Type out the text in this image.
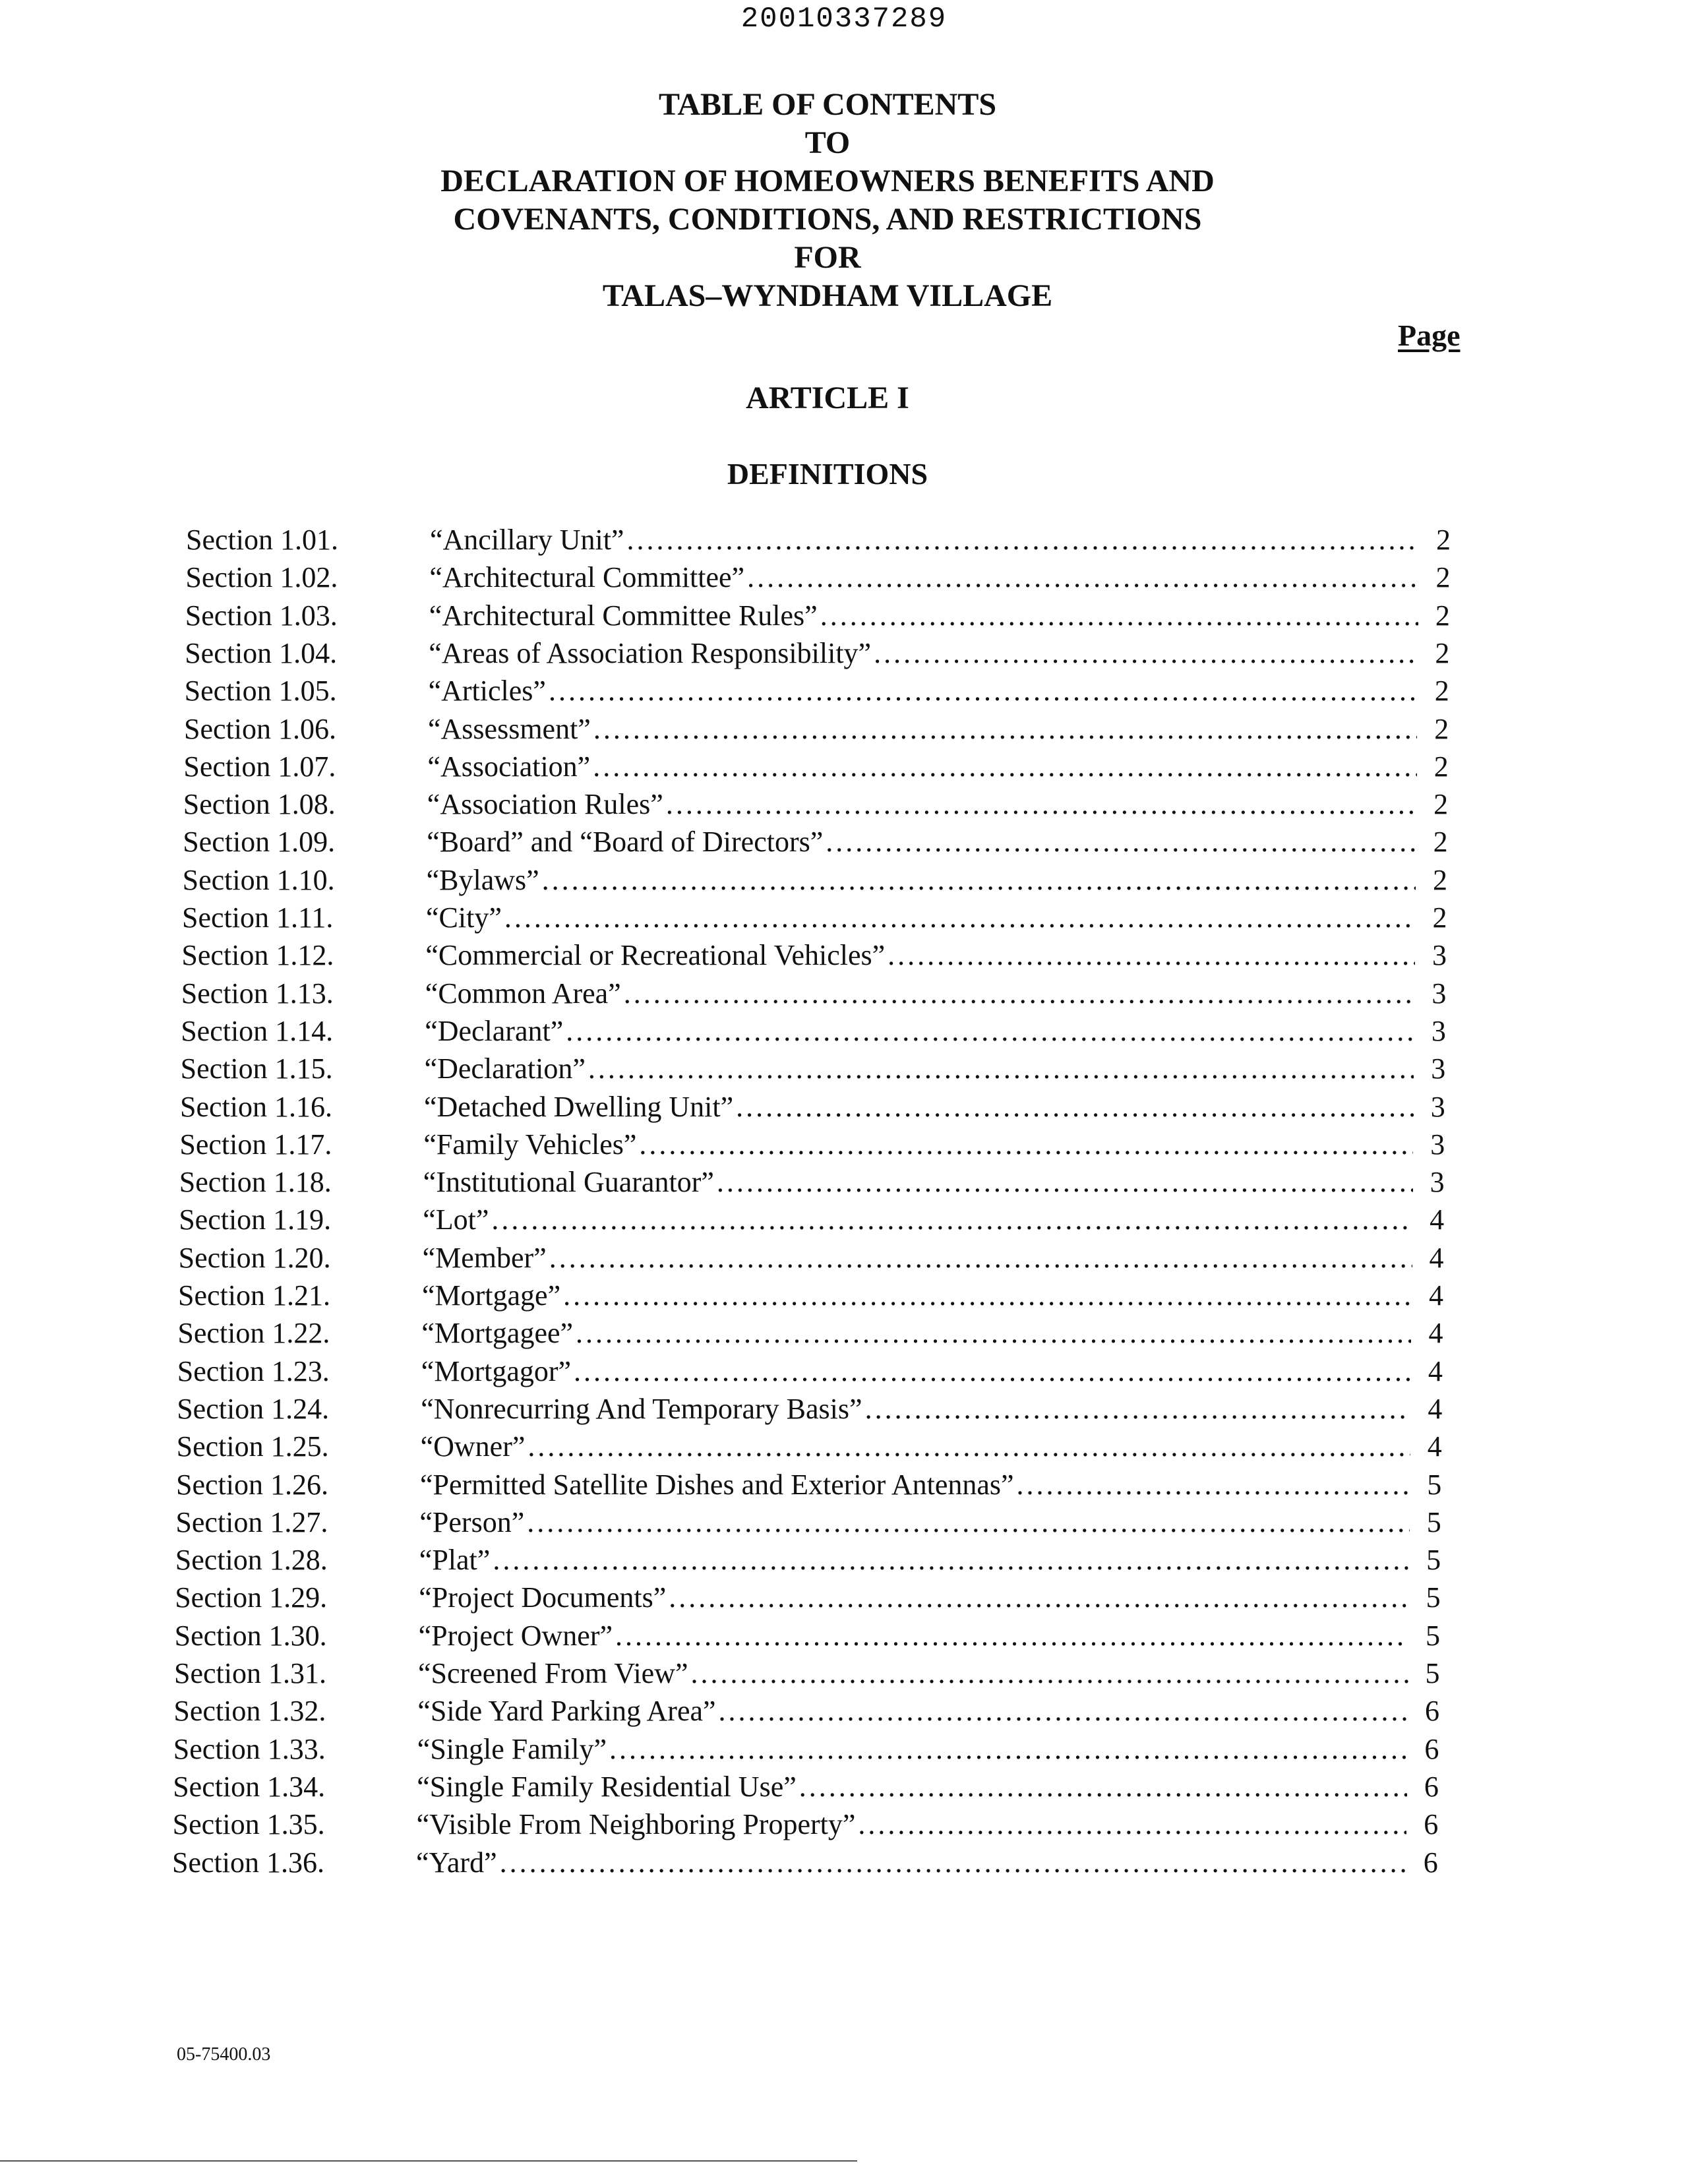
20010337289
TABLE OF CONTENTS
TO
DECLARATION OF HOMEOWNERS BENEFITS AND
COVENANTS, CONDITIONS, AND RESTRICTIONS
FOR
TALAS–WYNDHAM VILLAGE
Page
ARTICLE I
DEFINITIONS
Section 1.01.	“Ancillary Unit” .....	2
Section 1.02.	“Architectural Committee” .....	2
Section 1.03.	“Architectural Committee Rules” .....	2
Section 1.04.	“Areas of Association Responsibility” .....	2
Section 1.05.	“Articles” .....	2
Section 1.06.	“Assessment” .....	2
Section 1.07.	“Association” .....	2
Section 1.08.	“Association Rules” .....	2
Section 1.09.	“Board” and “Board of Directors” .....	2
Section 1.10.	“Bylaws” .....	2
Section 1.11.	“City” .....	2
Section 1.12.	“Commercial or Recreational Vehicles” .....	3
Section 1.13.	“Common Area” .....	3
Section 1.14.	“Declarant” .....	3
Section 1.15.	“Declaration” .....	3
Section 1.16.	“Detached Dwelling Unit” .....	3
Section 1.17.	“Family Vehicles” .....	3
Section 1.18.	“Institutional Guarantor” .....	3
Section 1.19.	“Lot” .....	4
Section 1.20.	“Member” .....	4
Section 1.21.	“Mortgage” .....	4
Section 1.22.	“Mortgagee” .....	4
Section 1.23.	“Mortgagor” .....	4
Section 1.24.	“Nonrecurring And Temporary Basis” .....	4
Section 1.25.	“Owner” .....	4
Section 1.26.	“Permitted Satellite Dishes and Exterior Antennas” .....	5
Section 1.27.	“Person” .....	5
Section 1.28.	“Plat” .....	5
Section 1.29.	“Project Documents” .....	5
Section 1.30.	“Project Owner” .....	5
Section 1.31.	“Screened From View” .....	5
Section 1.32.	“Side Yard Parking Area” .....	6
Section 1.33.	“Single Family” .....	6
Section 1.34.	“Single Family Residential Use” .....	6
Section 1.35.	“Visible From Neighboring Property” .....	6
Section 1.36.	“Yard” .....	6
05-75400.03
